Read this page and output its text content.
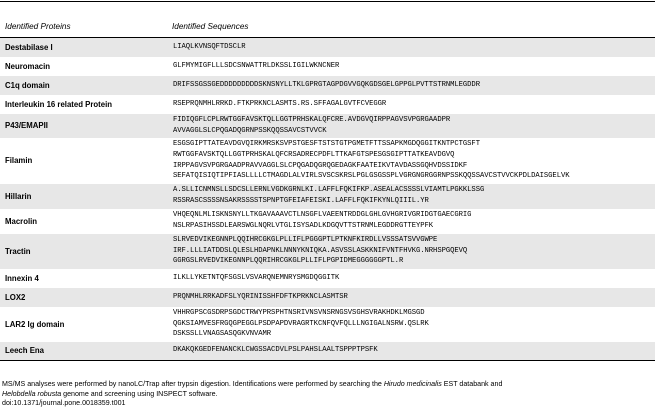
Identified Proteins	Identified Sequences
Destabilase I	LIAQLKVNSQFTDSCLR
Neuromacin	GLFMYMIGFLLLSDCSNWATTRLDKSSLIGILWKNCNER
C1q domain	DRIFSSGSSGEDDDDDDDDDSKNSNYLLTKLGPRGTAGPDGVVGQKGDSGELGPPGLPVTTSTRNMLEGDDR
Interleukin 16 related Protein	RSEPRQNMHLRRKD.FTKPRKNCLASMTS.RS.SFFAGALGVTFCVEGGR
P43/EMAPII	FIDIQGFLCPLRWTGGFAVSKTQLLGGTPRHSKALQFCRE.AVDGVQIRPPAGVSVPGRGAADPR
AVVAGGLSLCPQGADQGRNPSSKQQSSAVCSTVVCK
Filamin	ESGSGIPTTATEAVDGVQIRKMRSKSVPSTGESFTSTSTGTPGMETFTTSSAPKMGDQGGITKNTPCTGSFT
RWTGGFAVSKTQLLGGTPRHSKALQFCRSADRECPDFLTTKAFGTSPESGSGIPTTATKEAVDGVQ
IRPPAGVSVPGRGAADPRAVVAGGLSLCPQGADQGRQGEDAGKFAATEIKVTAVDASSGQHVDSSIDKF
SEFATQISIQTIPFIASLLLLCTMAGDLALVIRLSVSCSKRSLPGLGSGSSPLVGRGNGRGGRNPSSKQQSSAVCSTVVCKPDLDAISGELVK
Hillarin	A.SLLICNMNSLLSDCSLLERNLVGDKGRNLKI.LAFFLFQKIFKP.ASEALACSSSSLVIAMTLPGKKLSSG
RSSRASCSSSSNSAKRSSSSTSPNPTGFEIAFEISKI.LAFFLFQKIFKYNLQIIIL.YR
Macrolin	VHQEQNLMLISKNSNYLLTKGAVAAAVCTLNSGFLVAEENTRDDGLGHLGVHGRIVGRIDGTGAECGRIG
NSLRPASIHSSDLEARSWGLNQRLVTGLISYSADLKDGQVTTSTRNMLEGDDRGTTEYPFK
Tractin	SLRVEDVIKEGNNPLQQIHRCGKGLPLLIFLPGGGPTLPTKNFKIRDLLVSSSATSVVGWPE
IRF.LLLIATDDSLQLESLHDAPNKLNNNYKNIQKA.ASVSSLASKKNIFVNTFHVKG.NRHSPGQEVQ
GGRGSLRVEDVIKEGNNPLQQRIHRCGKGLPLLIFLPGPIDMEGGGGGGPTL.R
Innexin 4	ILKLLYKETNTQFSGSLVSVARQNEMNRYSMGDQGGITK
LOX2	PRQNMHLRRKADFSLYQRINISSHFDFTKPRKNCLASMTSR
LAR2 Ig domain	VHHRGPSCGSDRPSGDCTRWYPRSPHTNSRIVNSVNSRNGSVSGHSVRAKHDKLMGSGD
QGKSIAMVESFRGQGPEGGLPSDPAPDVRAGRTKCNFQVFQLLLNGIGALNSRW.QSLRK
DSKSSLLVNAGSASQGKVNVAMR
Leech Ena	DKAKQKGEDFENANCKLCWGSSACDVLPSLPAHSLAALTSPPPTPSFK
MS/MS analyses were performed by nanoLC/Trap after trypsin digestion. Identifications were performed by searching the Hirudo medicinalis EST databank and
Helobdella robusta genome and screening using INSPECT software.
doi:10.1371/journal.pone.0018359.t001
